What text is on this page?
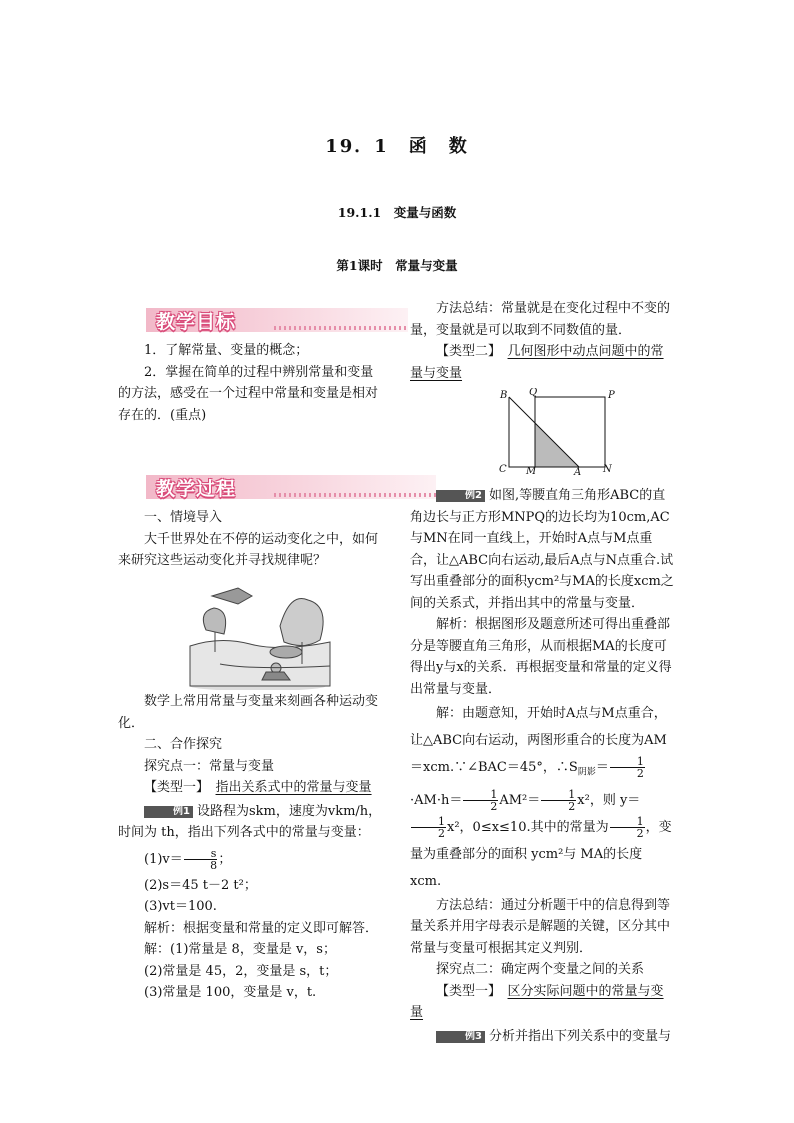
19．1　函　数
19.1.1　变量与函数
第1课时　常量与变量
教学目标
教学过程

1．了解常量、变量的概念；

2．掌握在简单的过程中辨别常量和变量的方法，感受在一个过程中常量和变量是相对存在的．(重点)

一、情境导入

大千世界处在不停的运动变化之中，如何来研究这些运动变化并寻找规律呢？

数学上常用常量与变量来刻画各种运动变化．

二、合作探究

探究点一：常量与变量

【类型一】　 指出关系式中的常量与变量

例1 设路程为skm，速度为vkm/h，时间为 th，指出下列各式中的常量与变量：

$(1)v= \frac{s}{8}$ ；

(2)s＝45 t－2 t²；

(3)vt＝100.

解析：根据变量和常量的定义即可解答．

解：(1)常量是 8，变量是 v，s；

(2)常量是 45，2，变量是 s，t；

(3)常量是 100，变量是 v，t.

方法总结：常量就是在变化过程中不变的量，变量就是可以取到不同数值的量．

【类型二】　 几何图形中动点问题中的常量与变量

B Q	P
C M	A N

例2 如图,等腰直角三角形ABC的直角边长与正方形MNPQ的边长均为10cm,AC与MN在同一直线上，开始时A点与M点重合，让△ABC向右运动,最后A点与N点重合.试写出重叠部分的面积ycm²与MA的长度xcm之间的关系式，并指出其中的常量与变量．

解析：根据图形及题意所述可得出重叠部分是等腰直角三角形，从而根据MA的长度可得出y与x的关系．再根据变量和常量的定义得出常量与变量．

解：由题意知，开始时A点与M点重合，让△ABC向右运动，两图形重合的长度为AM＝xcm.∵∠BAC＝45°，$\therefore S_{阴影}= \frac{1}{2}$
$\cdot AM\cdot h= \frac{1}{2} AM^2= \frac{1}{2} x^2$，则 y＝
$\frac{1}{2} x^2$，0≤x≤10.其中的常量为 $\frac{1}{2}$ ，变量为重叠部分的面积 ycm²与 MA的长度 xcm.

方法总结：通过分析题干中的信息得到等量关系并用字母表示是解题的关键，区分其中常量与变量可根据其定义判别．

探究点二：确定两个变量之间的关系

【类型一】　 区分实际问题中的常量与变量

例3 分析并指出下列关系中的变量与
